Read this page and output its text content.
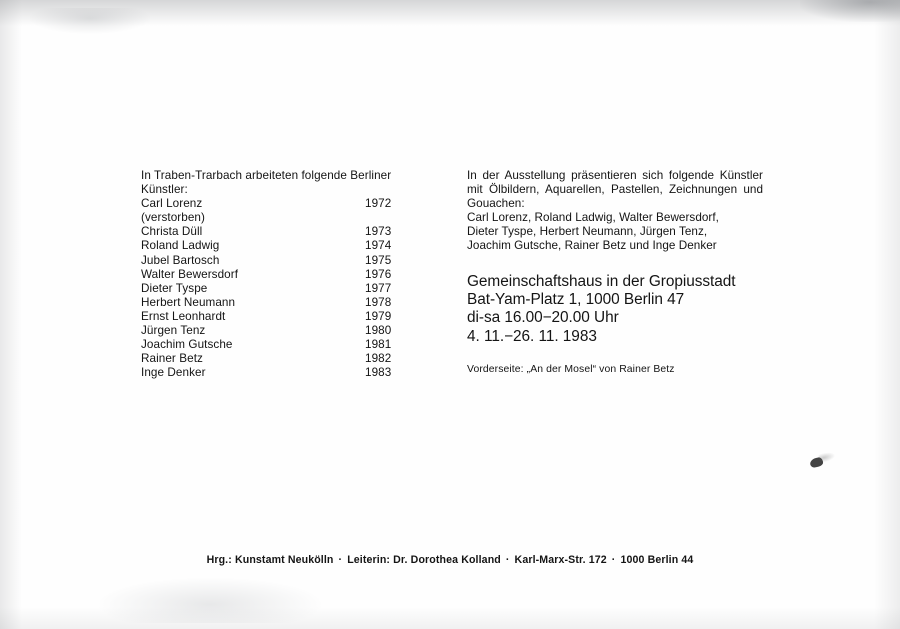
In Traben-Trarbach arbeiteten folgende Berliner
Künstler:
Carl Lorenz	1972
(verstorben)
Christa Düll	1973
Roland Ladwig	1974
Jubel Bartosch	1975
Walter Bewersdorf	1976
Dieter Tyspe	1977
Herbert Neumann	1978
Ernst Leonhardt	1979
Jürgen Tenz	1980
Joachim Gutsche	1981
Rainer Betz	1982
Inge Denker	1983
In der Ausstellung präsentieren sich folgende Künstler mit Ölbildern, Aquarellen, Pastellen, Zeichnungen und Gouachen:
Carl Lorenz, Roland Ladwig, Walter Bewersdorf,
Dieter Tyspe, Herbert Neumann, Jürgen Tenz,
Joachim Gutsche, Rainer Betz und Inge Denker
Gemeinschaftshaus in der Gropiusstadt
Bat-Yam-Platz 1, 1000 Berlin 47
di-sa 16.00−20.00 Uhr
4. 11.−26. 11. 1983
Vorderseite: „An der Mosel“ von Rainer Betz
Hrg.: Kunstamt Neukölln · Leiterin: Dr. Dorothea Kolland · Karl-Marx-Str. 172 · 1000 Berlin 44
